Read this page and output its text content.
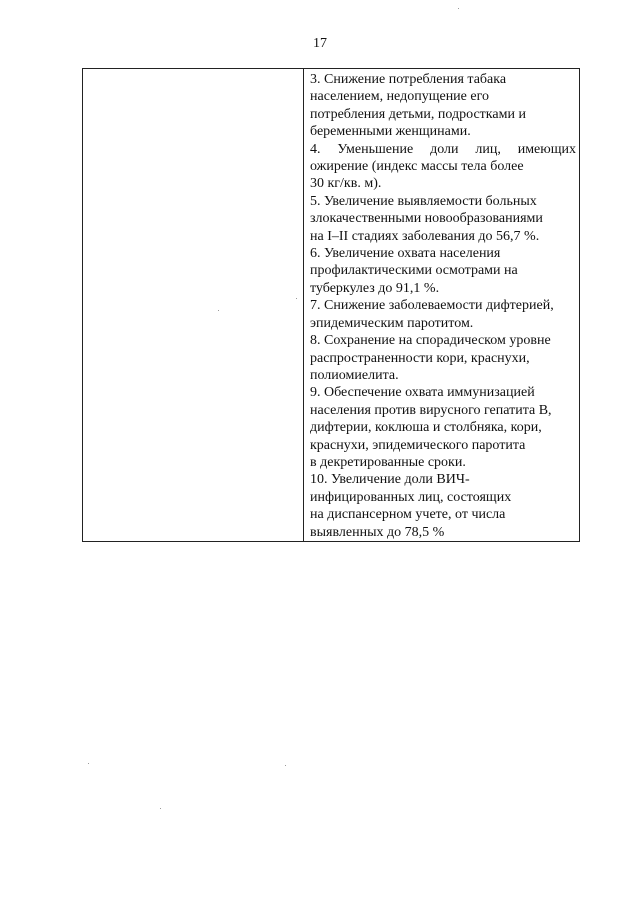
17

3. Снижение потребления табака

населением, недопущение его

потребления детьми, подростками и

беременными женщинами.

4. Уменьшение доли лиц, имеющих

ожирение (индекс массы тела более

30 кг/кв. м).

5. Увеличение выявляемости больных

злокачественными новообразованиями

на I–II стадиях заболевания до 56,7 %.

6. Увеличение охвата населения

профилактическими осмотрами на

туберкулез до 91,1 %.

7. Снижение заболеваемости дифтерией,

эпидемическим паротитом.

8. Сохранение на спорадическом уровне

распространенности кори, краснухи,

полиомиелита.

9. Обеспечение охвата иммунизацией

населения против вирусного гепатита В,

дифтерии, коклюша и столбняка, кори,

краснухи, эпидемического паротита

в декретированные сроки.

10. Увеличение доли ВИЧ-

инфицированных лиц, состоящих

на диспансерном учете, от числа

выявленных до 78,5 %
